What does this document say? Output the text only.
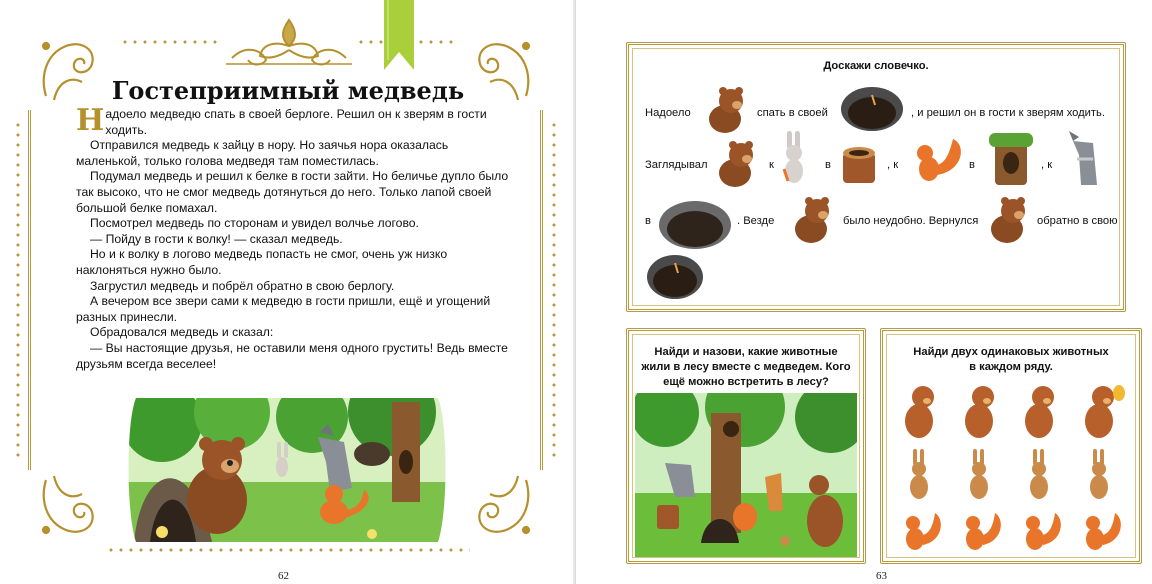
Гостеприимный медведь

Надоело медведю спать в своей берлоге. Решил он к зверям в гости ходить.

Отправился медведь к зайцу в нору. Но заячья нора оказалась маленькой, только голова медведя там поместилась.

Подумал медведь и решил к белке в гости зайти. Но беличье дупло было так высоко, что не смог медведь дотянуться до него. Только лапой своей большой белке помахал.

Посмотрел медведь по сторонам и увидел волчье логово.

— Пойду в гости к волку! — сказал медведь.

Но и к волку в логово медведь попасть не смог, очень уж низко наклоняться нужно было.

Загрустил медведь и побрёл обратно в свою берлогу.

А вечером все звери сами к медведю в гости пришли, ещё и угощений разных принесли.

Обрадовался медведь и сказал:

— Вы настоящие друзья, не оставили меня одного грустить! Ведь вместе друзьям всегда веселее!

62
Доскажи словечко.
Надоело	спать в своей	, и решил он в гости к зверям ходить.
Заглядывал	к	в	, к	в	, к
в	. Везде	было неудобно. Вернулся	обратно в свою
Найди и назови, какие животные жили в лесу вместе с медведем. Кого ещё можно встретить в лесу?
Найди двух одинаковых животных в каждом ряду.
63
